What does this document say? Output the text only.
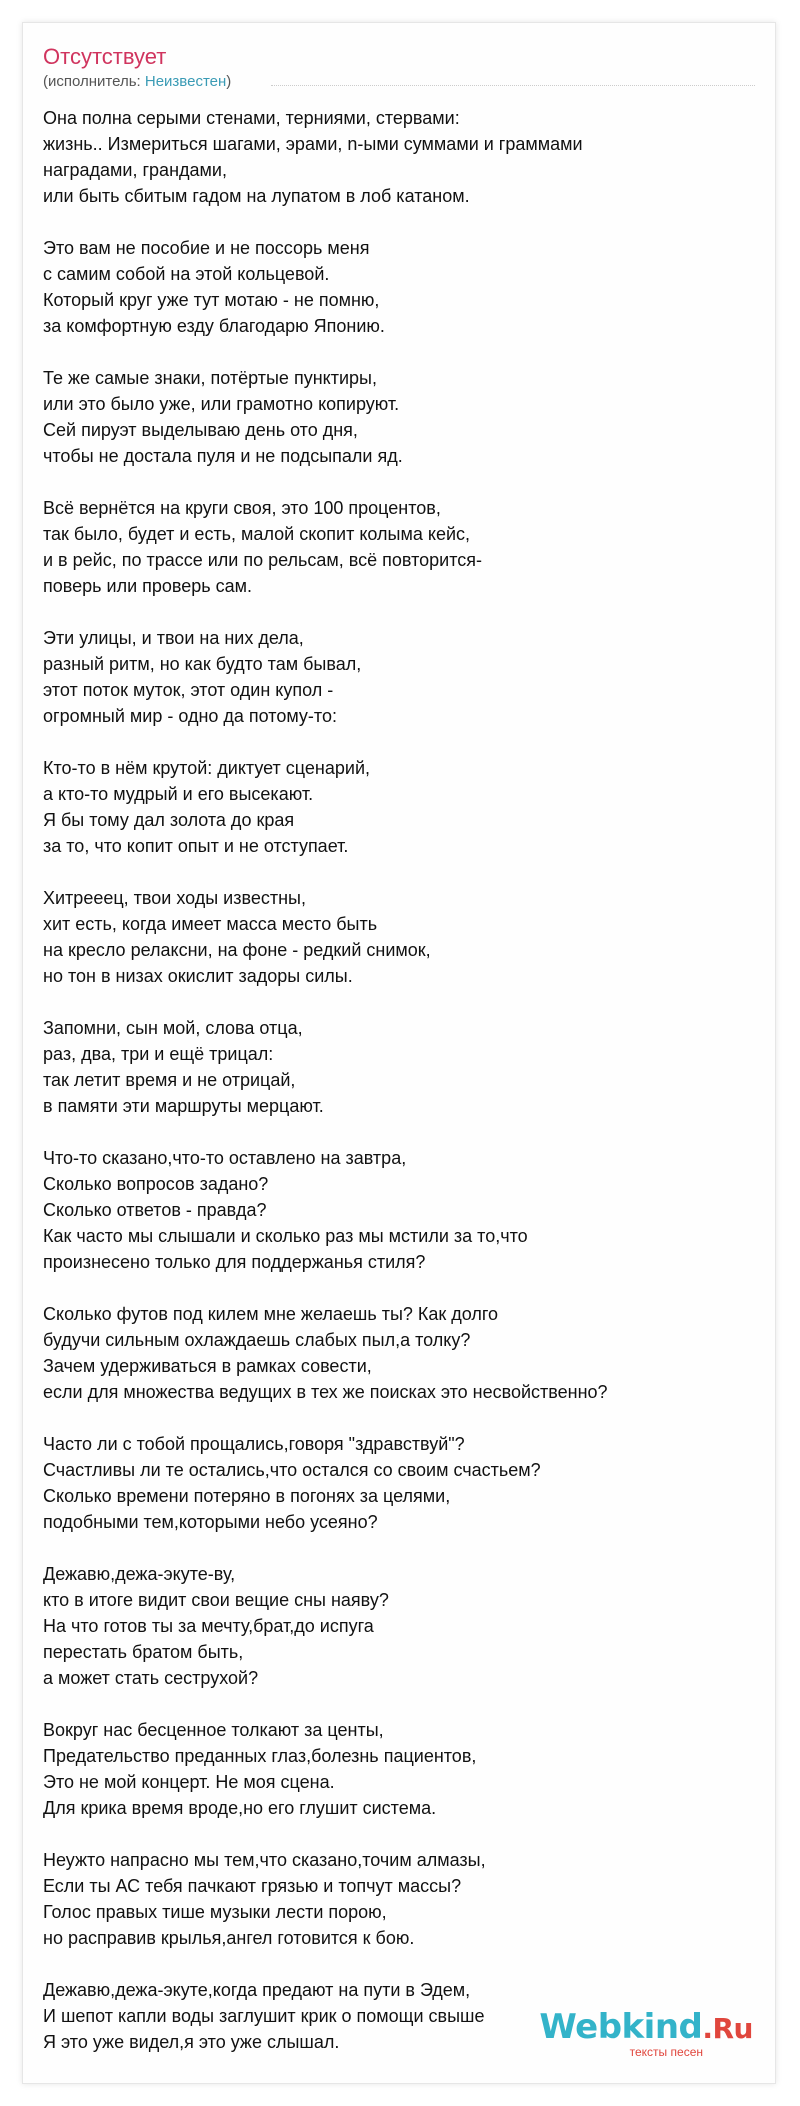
Отсутствует
(исполнитель: Неизвестен)
Она полна серыми стенами, терниями, стервами:
жизнь.. Измериться шагами, эрами, n-ыми суммами и граммами
наградами, грандами,
или быть сбитым гадом на лупатом в лоб катаном.
Это вам не пособие и не поссорь меня
с самим собой на этой кольцевой.
Который круг уже тут мотаю - не помню,
за комфортную езду благодарю Японию.
Те же самые знаки, потёртые пунктиры,
или это было уже, или грамотно копируют.
Сей пируэт выделываю день ото дня,
чтобы не достала пуля и не подсыпали яд.
Всё вернётся на круги своя, это 100 процентов,
так было, будет и есть, малой скопит колыма кейс,
и в рейс, по трассе или по рельсам, всё повторится-
поверь или проверь сам.
Эти улицы, и твои на них дела,
разный ритм, но как будто там бывал,
этот поток муток, этот один купол -
огромный мир - одно да потому-то:
Кто-то в нём крутой: диктует сценарий,
а кто-то мудрый и его высекают.
Я бы тому дал золота до края
за то, что копит опыт и не отступает.
Хитрееец, твои ходы известны,
хит есть, когда имеет масса место быть
на кресло релаксни, на фоне - редкий снимок,
но тон в низах окислит задоры силы.
Запомни, сын мой, слова отца,
раз, два, три и ещё трицал:
так летит время и не отрицай,
в памяти эти маршруты мерцают.
Что-то сказано,что-то оставлено на завтра,
Сколько вопросов задано?
Сколько ответов - правда?
Как часто мы слышали и сколько раз мы мстили за то,что
произнесено только для поддержанья стиля?
Сколько футов под килем мне желаешь ты? Как долго
будучи сильным охлаждаешь слабых пыл,а толку?
Зачем удерживаться в рамках совести,
если для множества ведущих в тех же поисках это несвойственно?
Часто ли с тобой прощались,говоря "здравствуй"?
Счастливы ли те остались,что остался со своим счастьем?
Сколько времени потеряно в погонях за целями,
подобными тем,которыми небо усеяно?
Дежавю,дежа-экуте-ву,
кто в итоге видит свои вещие сны наяву?
На что готов ты за мечту,брат,до испуга
перестать братом быть,
а может стать сеструхой?
Вокруг нас бесценное толкают за центы,
Предательство преданных глаз,болезнь пациентов,
Это не мой концерт. Не моя сцена.
Для крика время вроде,но его глушит система.
Неужто напрасно мы тем,что сказано,точим алмазы,
Если ты АС тебя пачкают грязью и топчут массы?
Голос правых тише музыки лести порою,
но расправив крылья,ангел готовится к бою.
Дежавю,дежа-экуте,когда предают на пути в Эдем,
И шепот капли воды заглушит крик о помощи свыше
Я это уже видел,я это уже слышал.	Webkind.Ru
тексты песен
